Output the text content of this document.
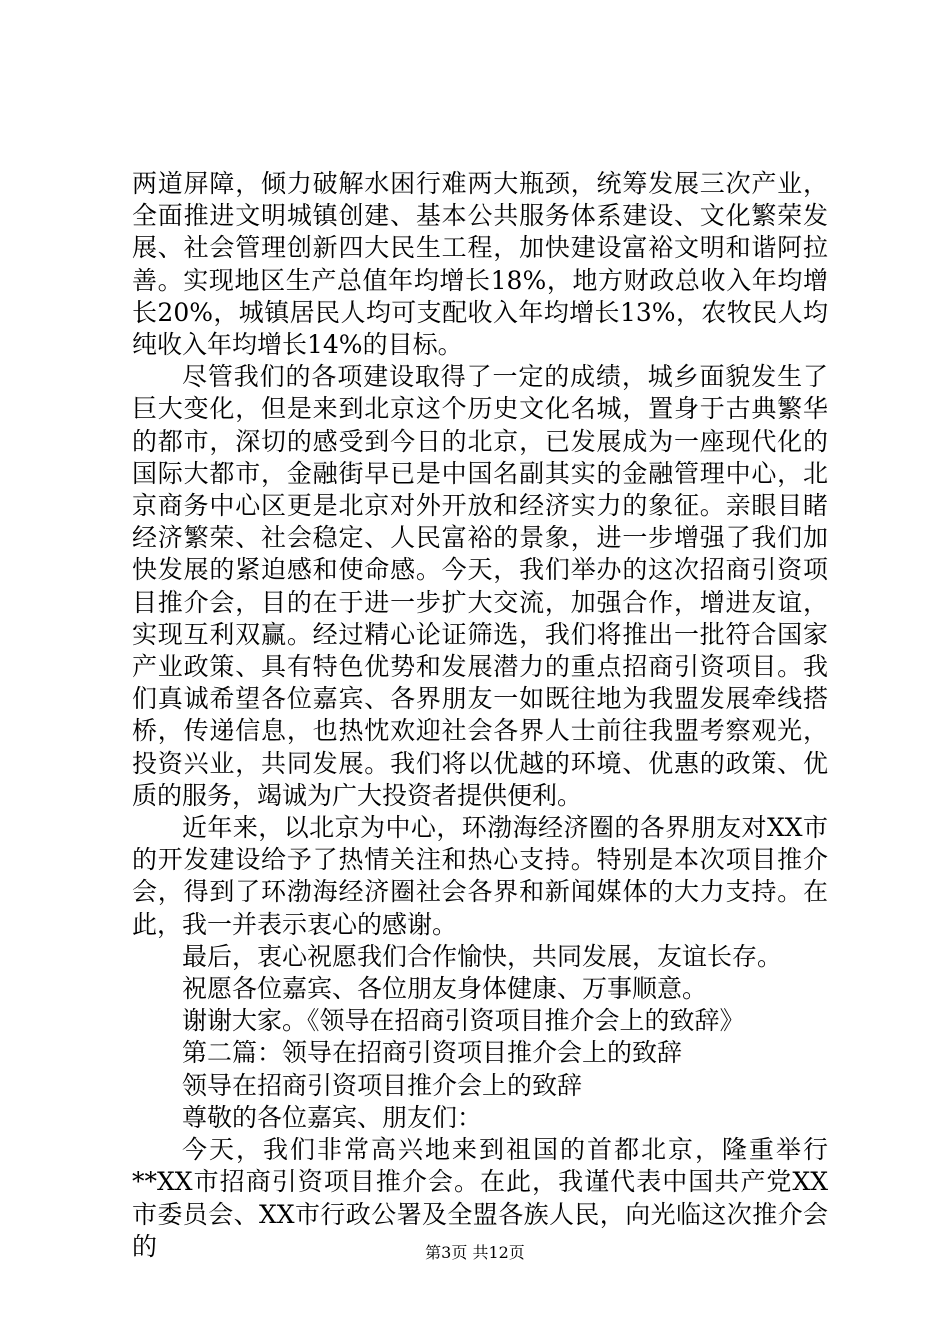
两道屏障，倾力破解水困行难两大瓶颈，统筹发展三次产业，全面推进文明城镇创建、基本公共服务体系建设、文化繁荣发展、社会管理创新四大民生工程，加快建设富裕文明和谐阿拉善。实现地区生产总值年均增长18%，地方财政总收入年均增长20%，城镇居民人均可支配收入年均增长13%，农牧民人均纯收入年均增长14%的目标。

尽管我们的各项建设取得了一定的成绩，城乡面貌发生了巨大变化，但是来到北京这个历史文化名城，置身于古典繁华的都市，深切的感受到今日的北京，已发展成为一座现代化的国际大都市，金融街早已是中国名副其实的金融管理中心，北京商务中心区更是北京对外开放和经济实力的象征。亲眼目睹经济繁荣、社会稳定、人民富裕的景象，进一步增强了我们加快发展的紧迫感和使命感。今天，我们举办的这次招商引资项目推介会，目的在于进一步扩大交流，加强合作，增进友谊，实现互利双赢。经过精心论证筛选，我们将推出一批符合国家产业政策、具有特色优势和发展潜力的重点招商引资项目。我们真诚希望各位嘉宾、各界朋友一如既往地为我盟发展牵线搭桥，传递信息，也热忱欢迎社会各界人士前往我盟考察观光，投资兴业，共同发展。我们将以优越的环境、优惠的政策、优质的服务，竭诚为广大投资者提供便利。

近年来，以北京为中心，环渤海经济圈的各界朋友对XX市的开发建设给予了热情关注和热心支持。特别是本次项目推介会，得到了环渤海经济圈社会各界和新闻媒体的大力支持。在此，我一并表示衷心的感谢。

最后，衷心祝愿我们合作愉快，共同发展，友谊长存。

祝愿各位嘉宾、各位朋友身体健康、万事顺意。

谢谢大家。《领导在招商引资项目推介会上的致辞》

第二篇：领导在招商引资项目推介会上的致辞

领导在招商引资项目推介会上的致辞

尊敬的各位嘉宾、朋友们：

今天，我们非常高兴地来到祖国的首都北京，隆重举行**XX市招商引资项目推介会。在此，我谨代表中国共产党XX市委员会、XX市行政公署及全盟各族人民，向光临这次推介会的	第3页 共12页
